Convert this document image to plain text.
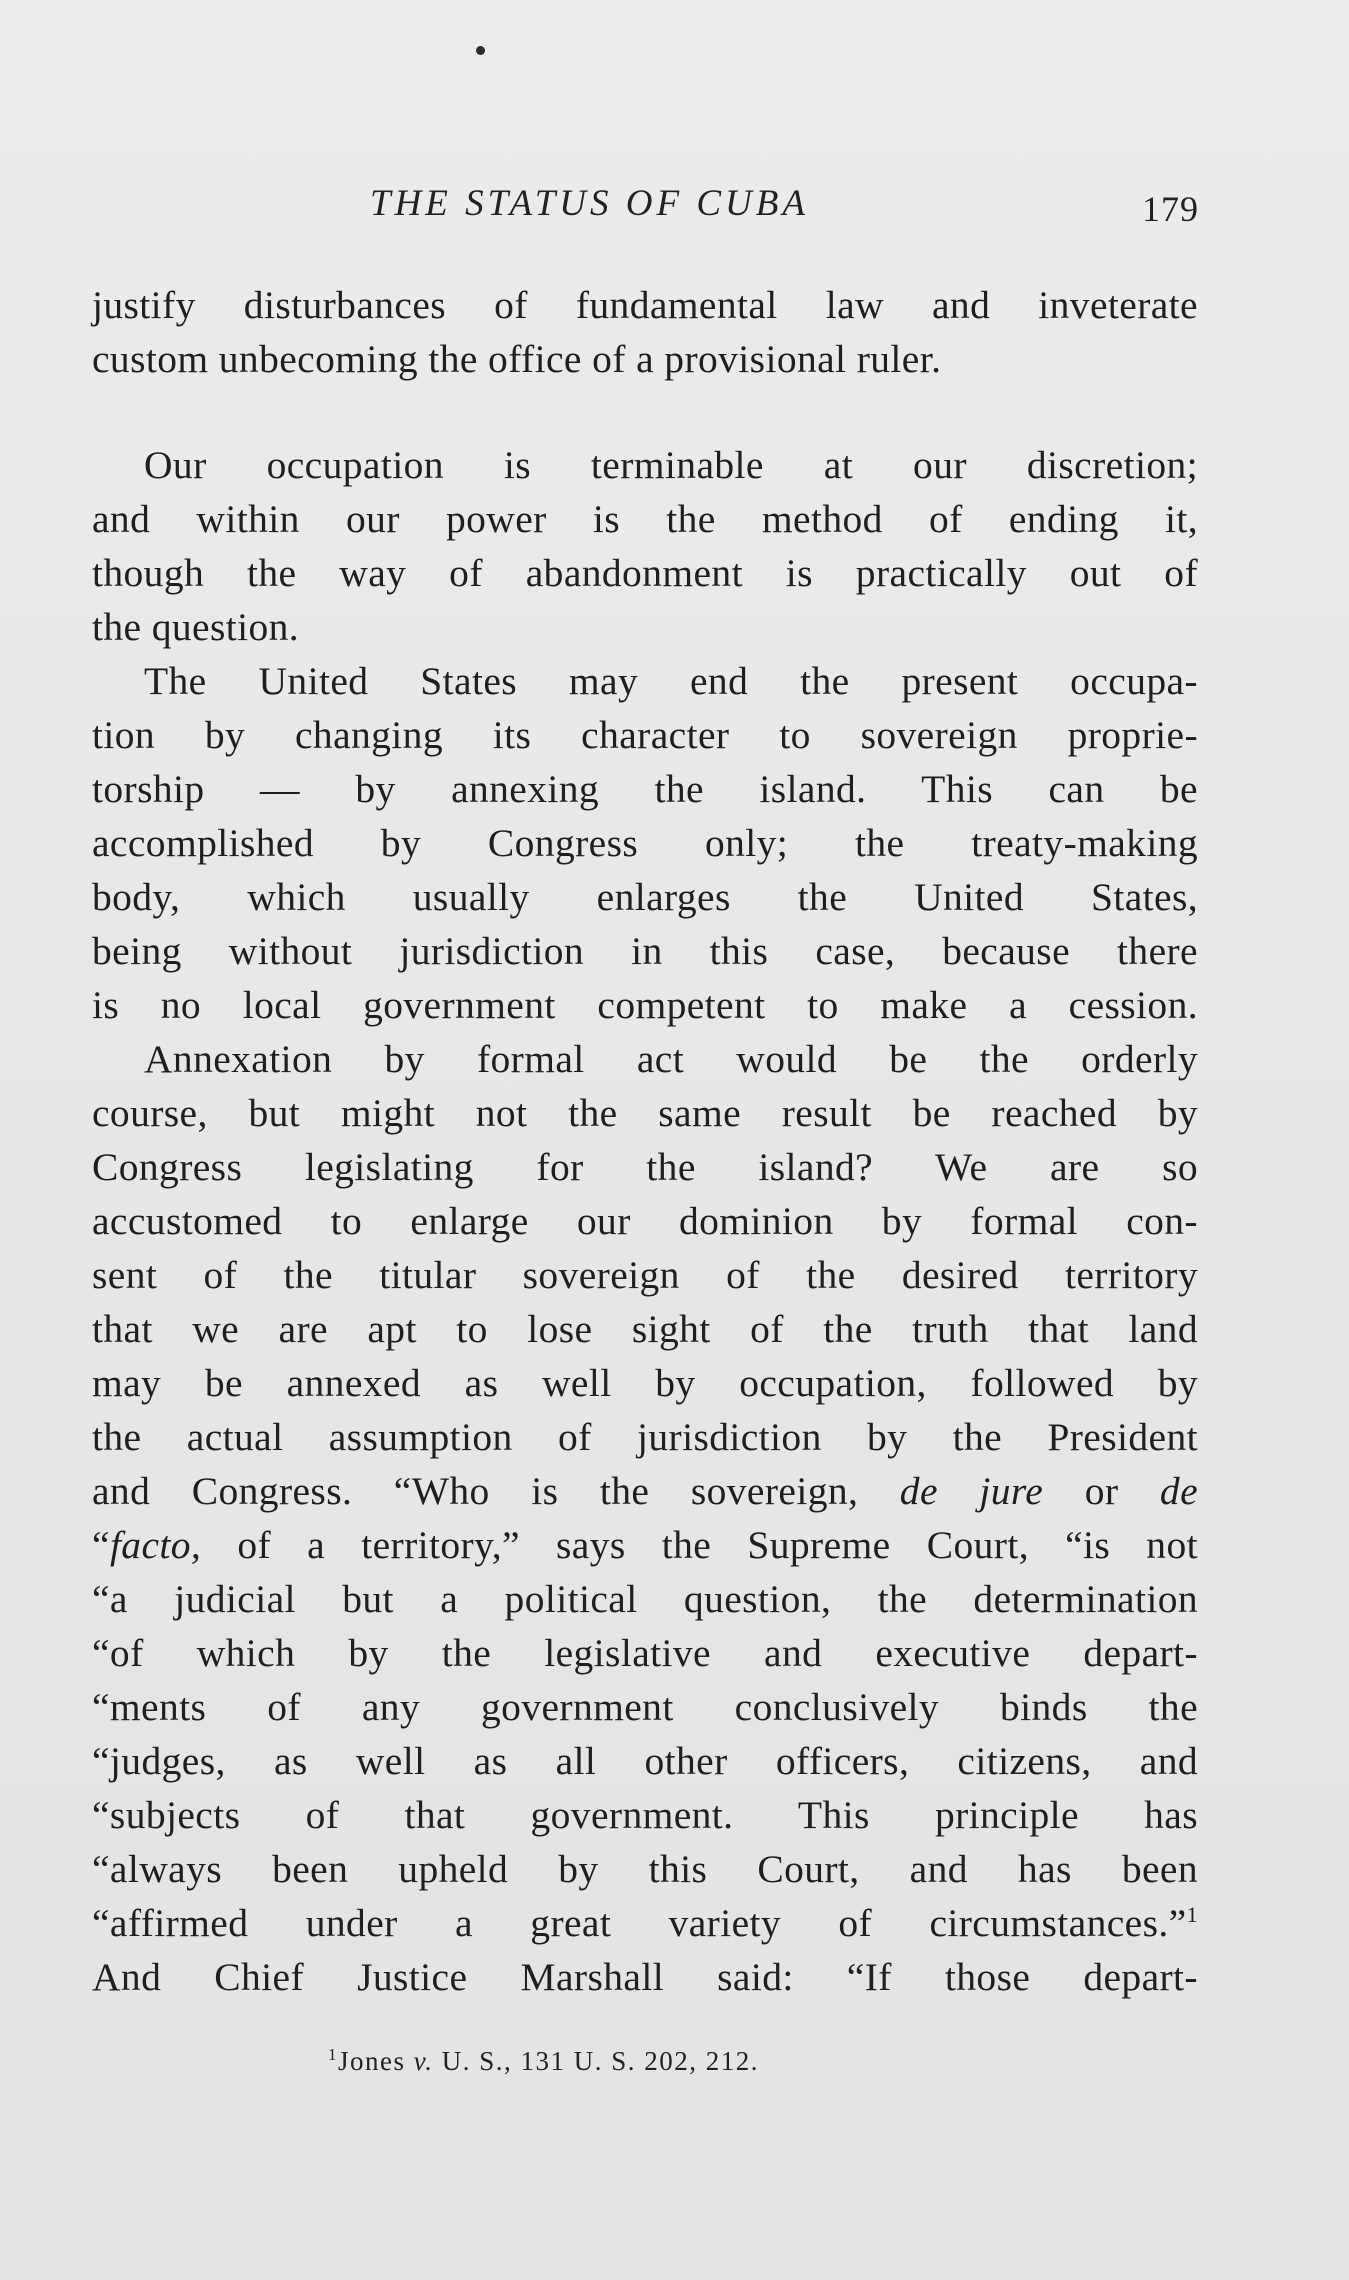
THE STATUS OF CUBA	179
justify disturbances of fundamental law and inveterate
custom unbecoming the office of a provisional ruler.
Our occupation is terminable at our discretion;
and within our power is the method of ending it,
though the way of abandonment is practically out of
the question.
The United States may end the present occupa-
tion by changing its character to sovereign proprie-
torship — by annexing the island. This can be
accomplished by Congress only; the treaty-making
body, which usually enlarges the United States,
being without jurisdiction in this case, because there
is no local government competent to make a cession.
Annexation by formal act would be the orderly
course, but might not the same result be reached by
Congress legislating for the island? We are so
accustomed to enlarge our dominion by formal con-
sent of the titular sovereign of the desired territory
that we are apt to lose sight of the truth that land
may be annexed as well by occupation, followed by
the actual assumption of jurisdiction by the President
and Congress. “Who is the sovereign, de jure or de
“facto, of a territory,” says the Supreme Court, “is not
“a judicial but a political question, the determination
“of which by the legislative and executive depart-
“ments of any government conclusively binds the
“judges, as well as all other officers, citizens, and
“subjects of that government. This principle has
“always been upheld by this Court, and has been
“affirmed under a great variety of circumstances.”$^1$
And Chief Justice Marshall said: “If those depart-
$^1$Jones v. U. S., 131 U. S. 202, 212.
